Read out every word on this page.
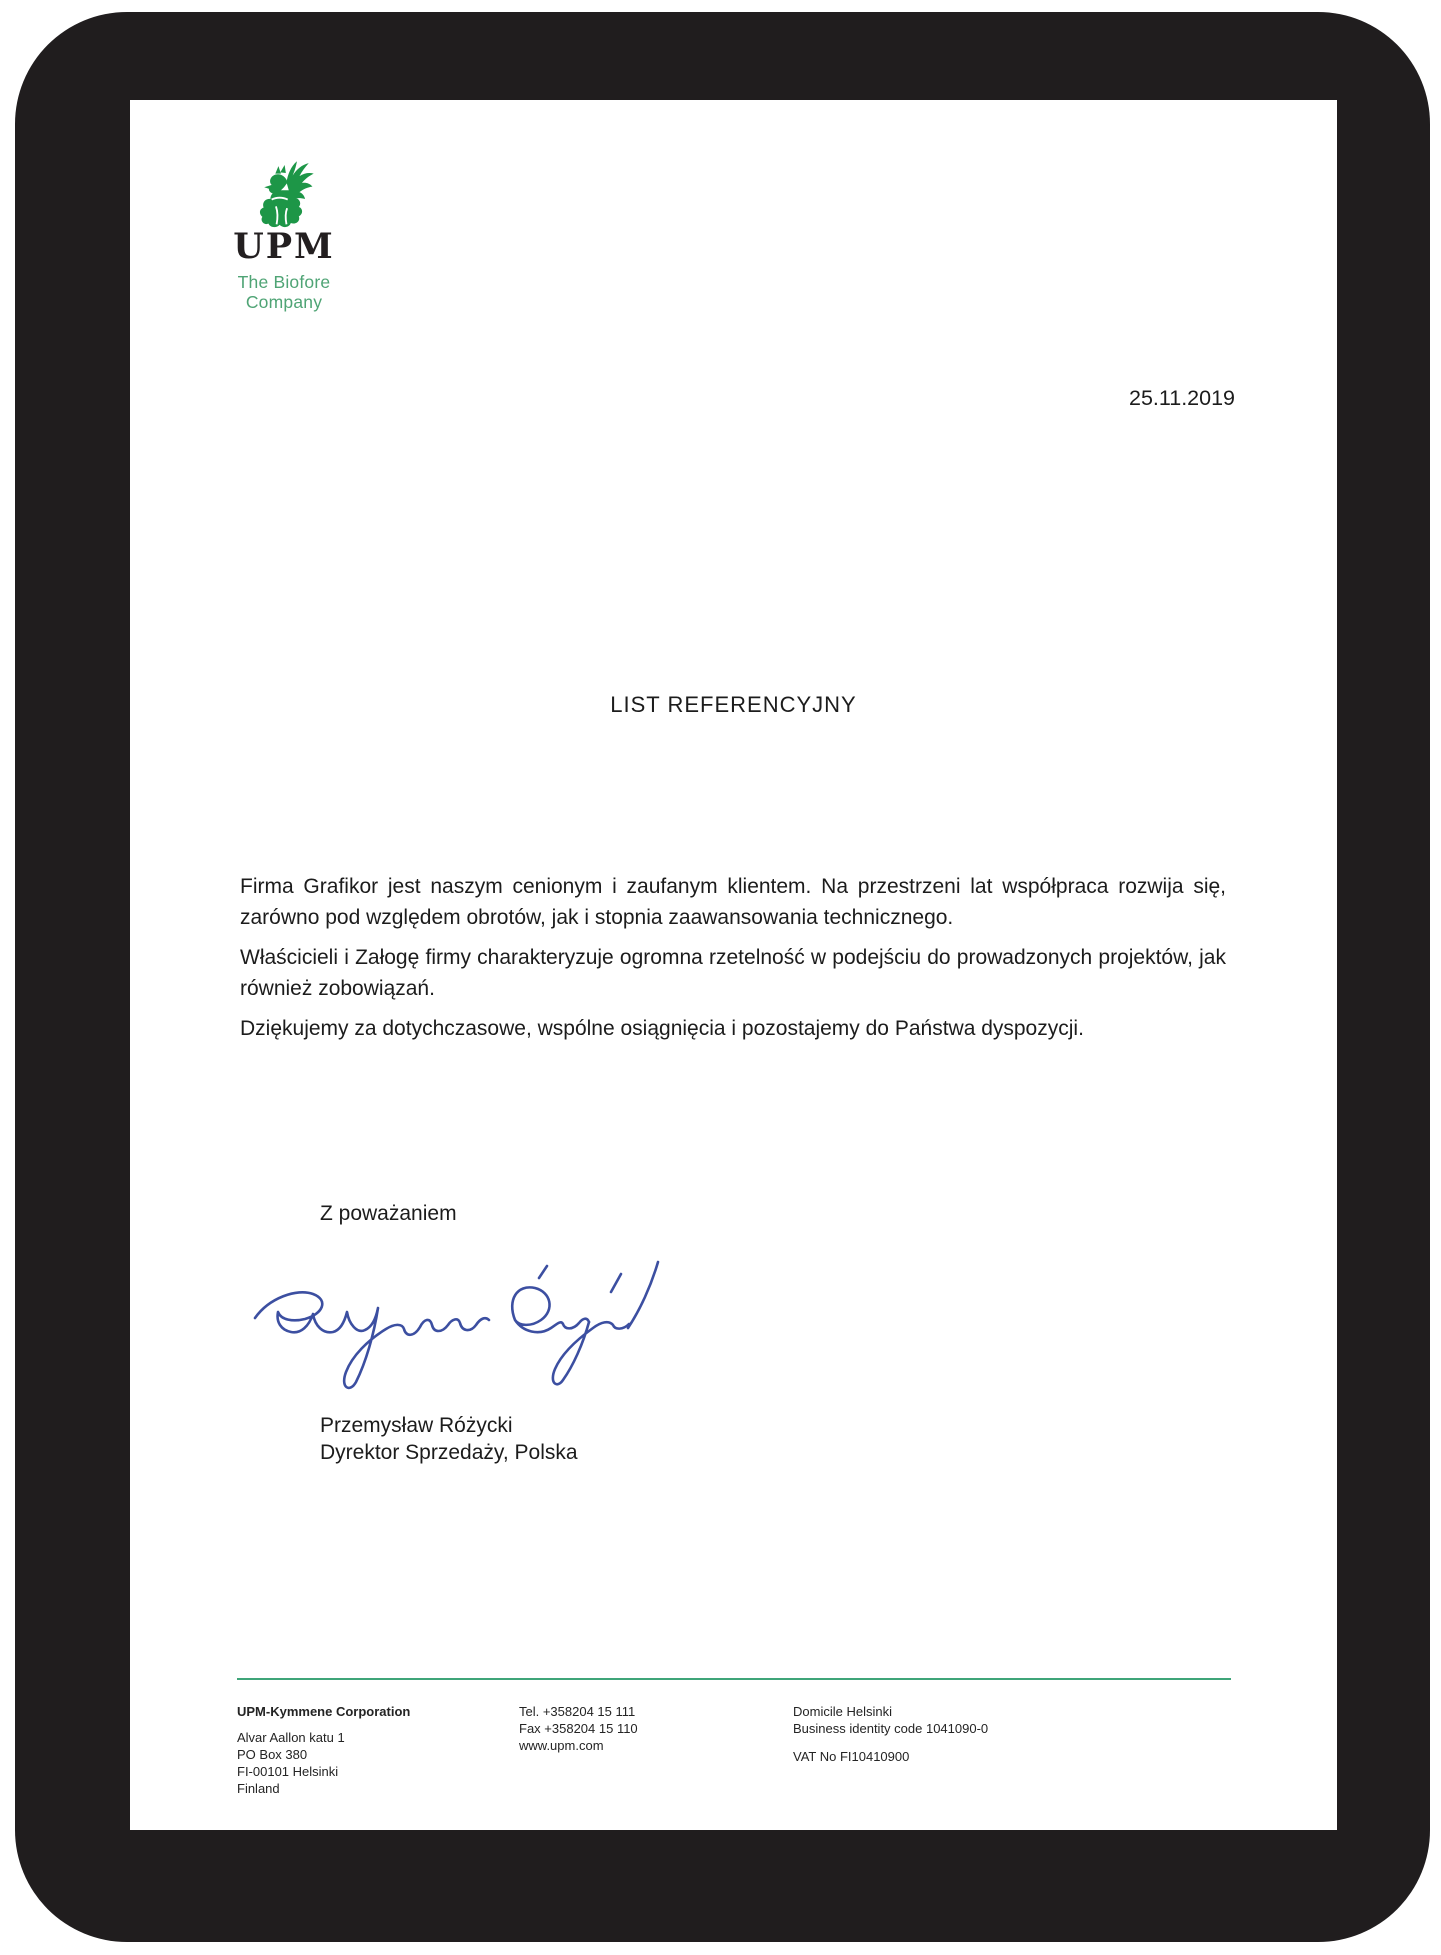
UPM
The Biofore
Company
25.11.2019
LIST REFERENCYJNY

Firma Grafikor jest naszym cenionym i zaufanym klientem. Na przestrzeni lat współpraca rozwija się, zarówno pod względem obrotów, jak i stopnia zaawansowania technicznego.

Właścicieli i Załogę firmy charakteryzuje ogromna rzetelność w podejściu do prowadzonych projektów, jak również zobowiązań.

Dziękujemy za dotychczasowe, wspólne osiągnięcia i pozostajemy do Państwa dyspozycji.

Z poważaniem
Przemysław Różycki
Dyrektor Sprzedaży, Polska
UPM-Kymmene Corporation
Alvar Aallon katu 1
PO Box 380
FI-00101 Helsinki
Finland
Tel. +358204 15 111
Fax +358204 15 110
www.upm.com
Domicile Helsinki
Business identity code 1041090-0
VAT No FI10410900
